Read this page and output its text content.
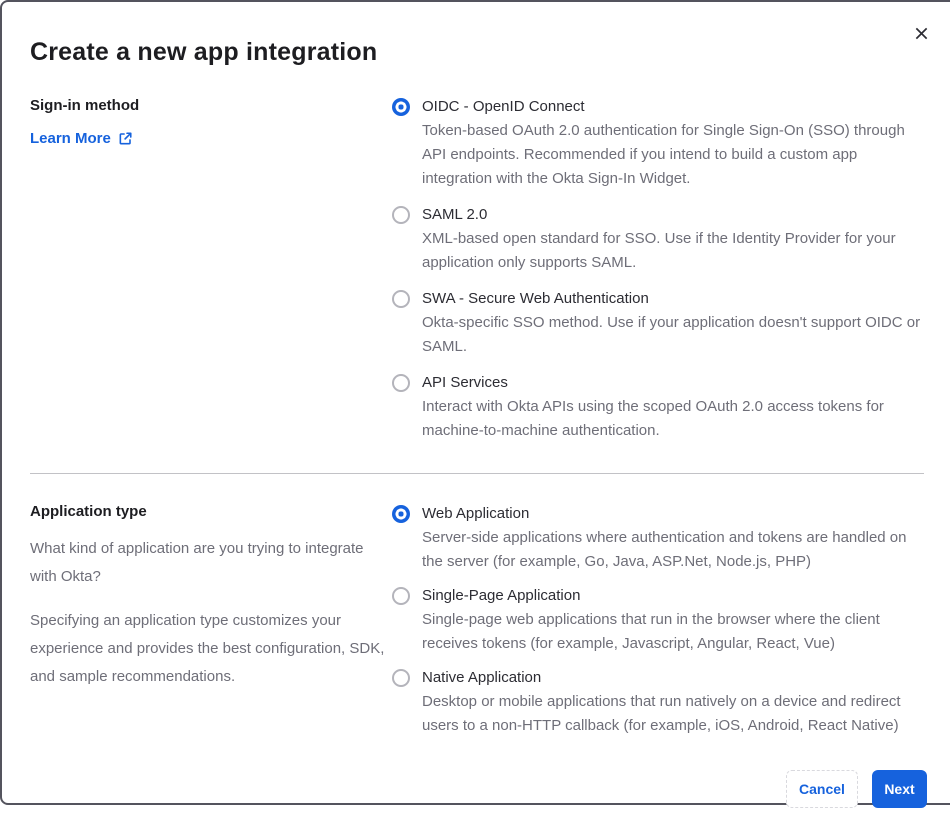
Create a new app integration
Sign-in method
Learn More
OIDC - OpenID Connect
Token-based OAuth 2.0 authentication for Single Sign-On (SSO) through API endpoints. Recommended if you intend to build a custom app integration with the Okta Sign-In Widget.
SAML 2.0
XML-based open standard for SSO. Use if the Identity Provider for your application only supports SAML.
SWA - Secure Web Authentication
Okta-specific SSO method. Use if your application doesn't support OIDC or SAML.
API Services
Interact with Okta APIs using the scoped OAuth 2.0 access tokens for machine-to-machine authentication.
Application type
What kind of application are you trying to integrate with Okta?
Specifying an application type customizes your experience and provides the best configuration, SDK, and sample recommendations.
Web Application
Server-side applications where authentication and tokens are handled on the server (for example, Go, Java, ASP.Net, Node.js, PHP)
Single-Page Application
Single-page web applications that run in the browser where the client receives tokens (for example, Javascript, Angular, React, Vue)
Native Application
Desktop or mobile applications that run natively on a device and redirect users to a non-HTTP callback (for example, iOS, Android, React Native)
Cancel	Next
